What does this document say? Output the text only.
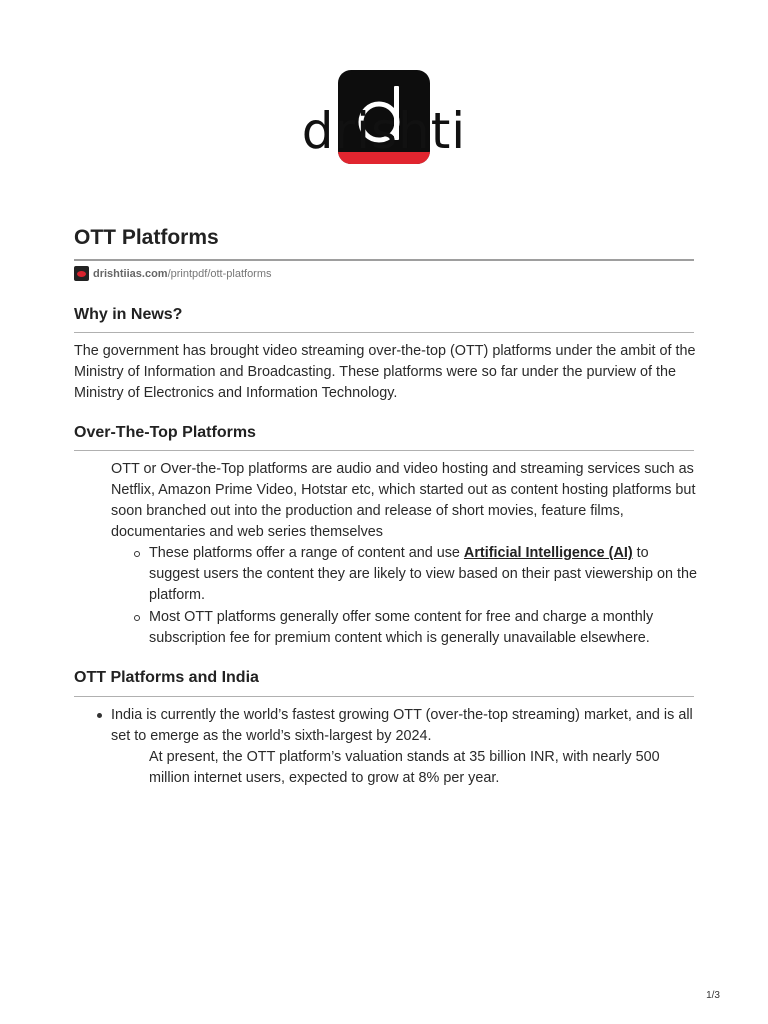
drishti
OTT Platforms
drishtiias.com /printpdf/ott-platforms
Why in News?

The government has brought video streaming over-the-top (OTT) platforms under the ambit of the Ministry of Information and Broadcasting. These platforms were so far under the purview of the Ministry of Electronics and Information Technology.

Over-The-Top Platforms

OTT or Over-the-Top platforms are audio and video hosting and streaming services such as Netflix, Amazon Prime Video, Hotstar etc, which started out as content hosting platforms but soon branched out into the production and release of short movies, feature films, documentaries and web series themselves

These platforms offer a range of content and use Artificial Intelligence (AI) to suggest users the content they are likely to view based on their past viewership on the platform.
Most OTT platforms generally offer some content for free and charge a monthly subscription fee for premium content which is generally unavailable elsewhere.
OTT Platforms and India
India is currently the world’s fastest growing OTT (over-the-top streaming) market, and is all set to emerge as the world’s sixth-largest by 2024.
At present, the OTT platform’s valuation stands at 35 billion INR, with nearly 500 million internet users, expected to grow at 8% per year.
1/3
